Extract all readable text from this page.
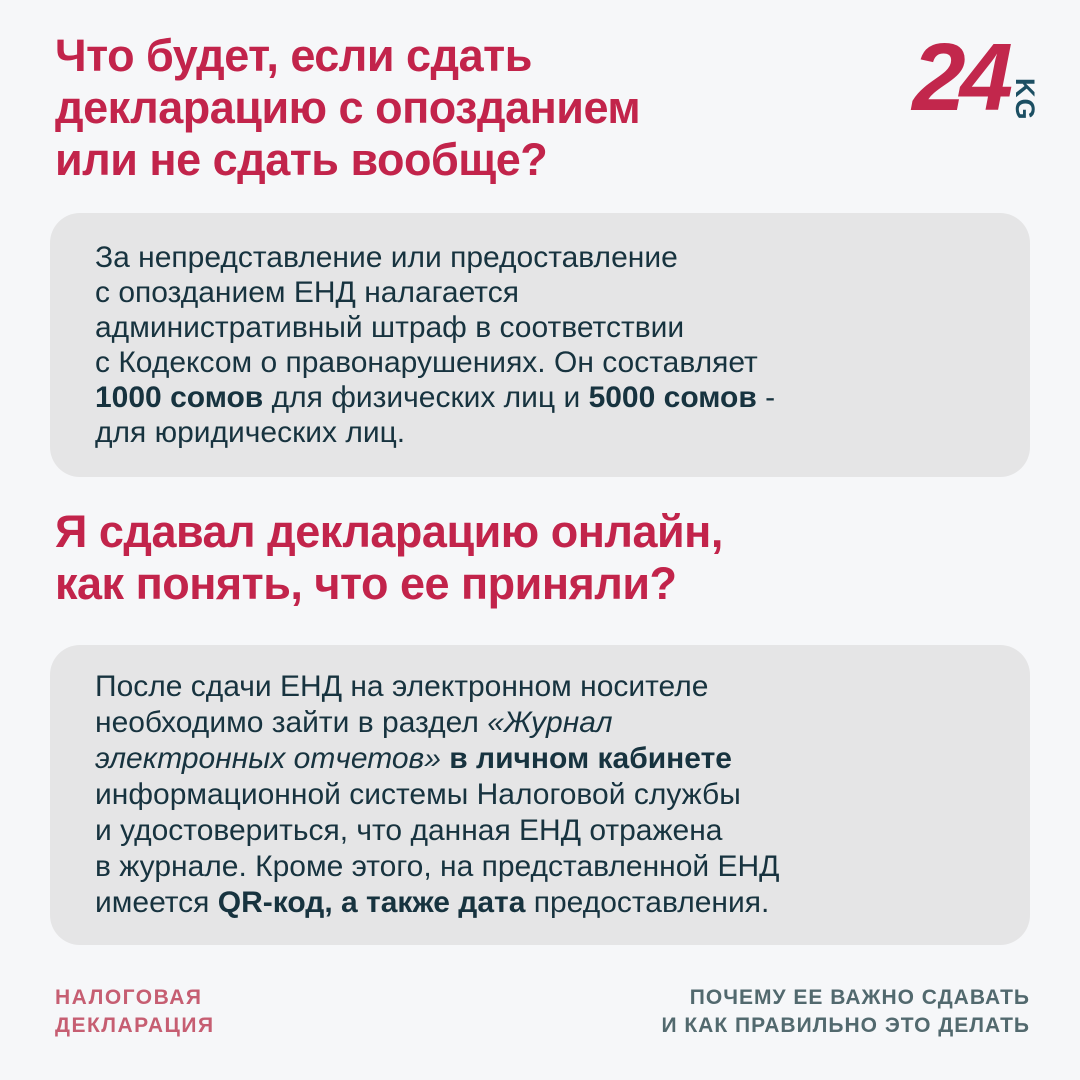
Что будет, если сдать
декларацию с опозданием
или не сдать вообще?
24 KG
За непредставление или предоставление
с опозданием ЕНД налагается
административный штраф в соответствии
с Кодексом о правонарушениях. Он составляет
1000 сомов для физических лиц и 5000 сомов -
для юридических лиц.
Я сдавал декларацию онлайн,
как понять, что ее приняли?
После сдачи ЕНД на электронном носителе
необходимо зайти в раздел «Журнал
электронных отчетов» в личном кабинете
информационной системы Налоговой службы
и удостовериться, что данная ЕНД отражена
в журнале. Кроме этого, на представленной ЕНД
имеется QR-код, а также дата предоставления.
НАЛОГОВАЯ
ДЕКЛАРАЦИЯ
ПОЧЕМУ ЕЕ ВАЖНО СДАВАТЬ
И КАК ПРАВИЛЬНО ЭТО ДЕЛАТЬ
